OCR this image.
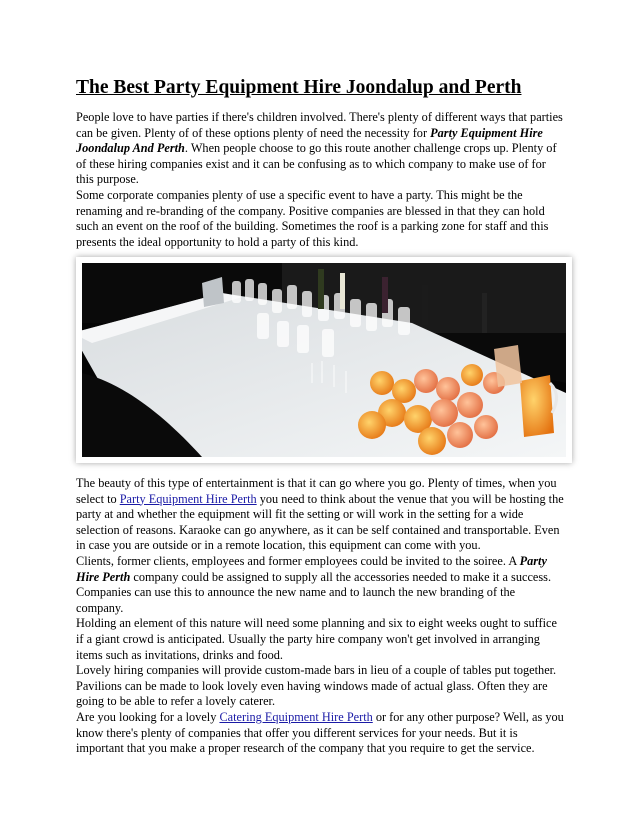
The Best Party Equipment Hire Joondalup and Perth

People love to have parties if there's children involved. There's plenty of different ways that parties can be given. Plenty of of these options plenty of need the necessity for Party Equipment Hire Joondalup And Perth. When people choose to go this route another challenge crops up. Plenty of of these hiring companies exist and it can be confusing as to which company to make use of for this purpose.

Some corporate companies plenty of use a specific event to have a party. This might be the renaming and re-branding of the company. Positive companies are blessed in that they can hold such an event on the roof of the building. Sometimes the roof is a parking zone for staff and this presents the ideal opportunity to hold a party of this kind.

The beauty of this type of entertainment is that it can go where you go. Plenty of times, when you select to Party Equipment Hire Perth you need to think about the venue that you will be hosting the party at and whether the equipment will fit the setting or will work in the setting for a wide selection of reasons. Karaoke can go anywhere, as it can be self contained and transportable. Even in case you are outside or in a remote location, this equipment can come with you.

Clients, former clients, employees and former employees could be invited to the soiree. A Party Hire Perth company could be assigned to supply all the accessories needed to make it a success. Companies can use this to announce the new name and to launch the new branding of the company.

Holding an element of this nature will need some planning and six to eight weeks ought to suffice if a giant crowd is anticipated. Usually the party hire company won't get involved in arranging items such as invitations, drinks and food.

Lovely hiring companies will provide custom-made bars in lieu of a couple of tables put together. Pavilions can be made to look lovely even having windows made of actual glass. Often they are going to be able to refer a lovely caterer.

Are you looking for a lovely Catering Equipment Hire Perth or for any other purpose? Well, as you know there's plenty of companies that offer you different services for your needs. But it is important that you make a proper research of the company that you require to get the service.
